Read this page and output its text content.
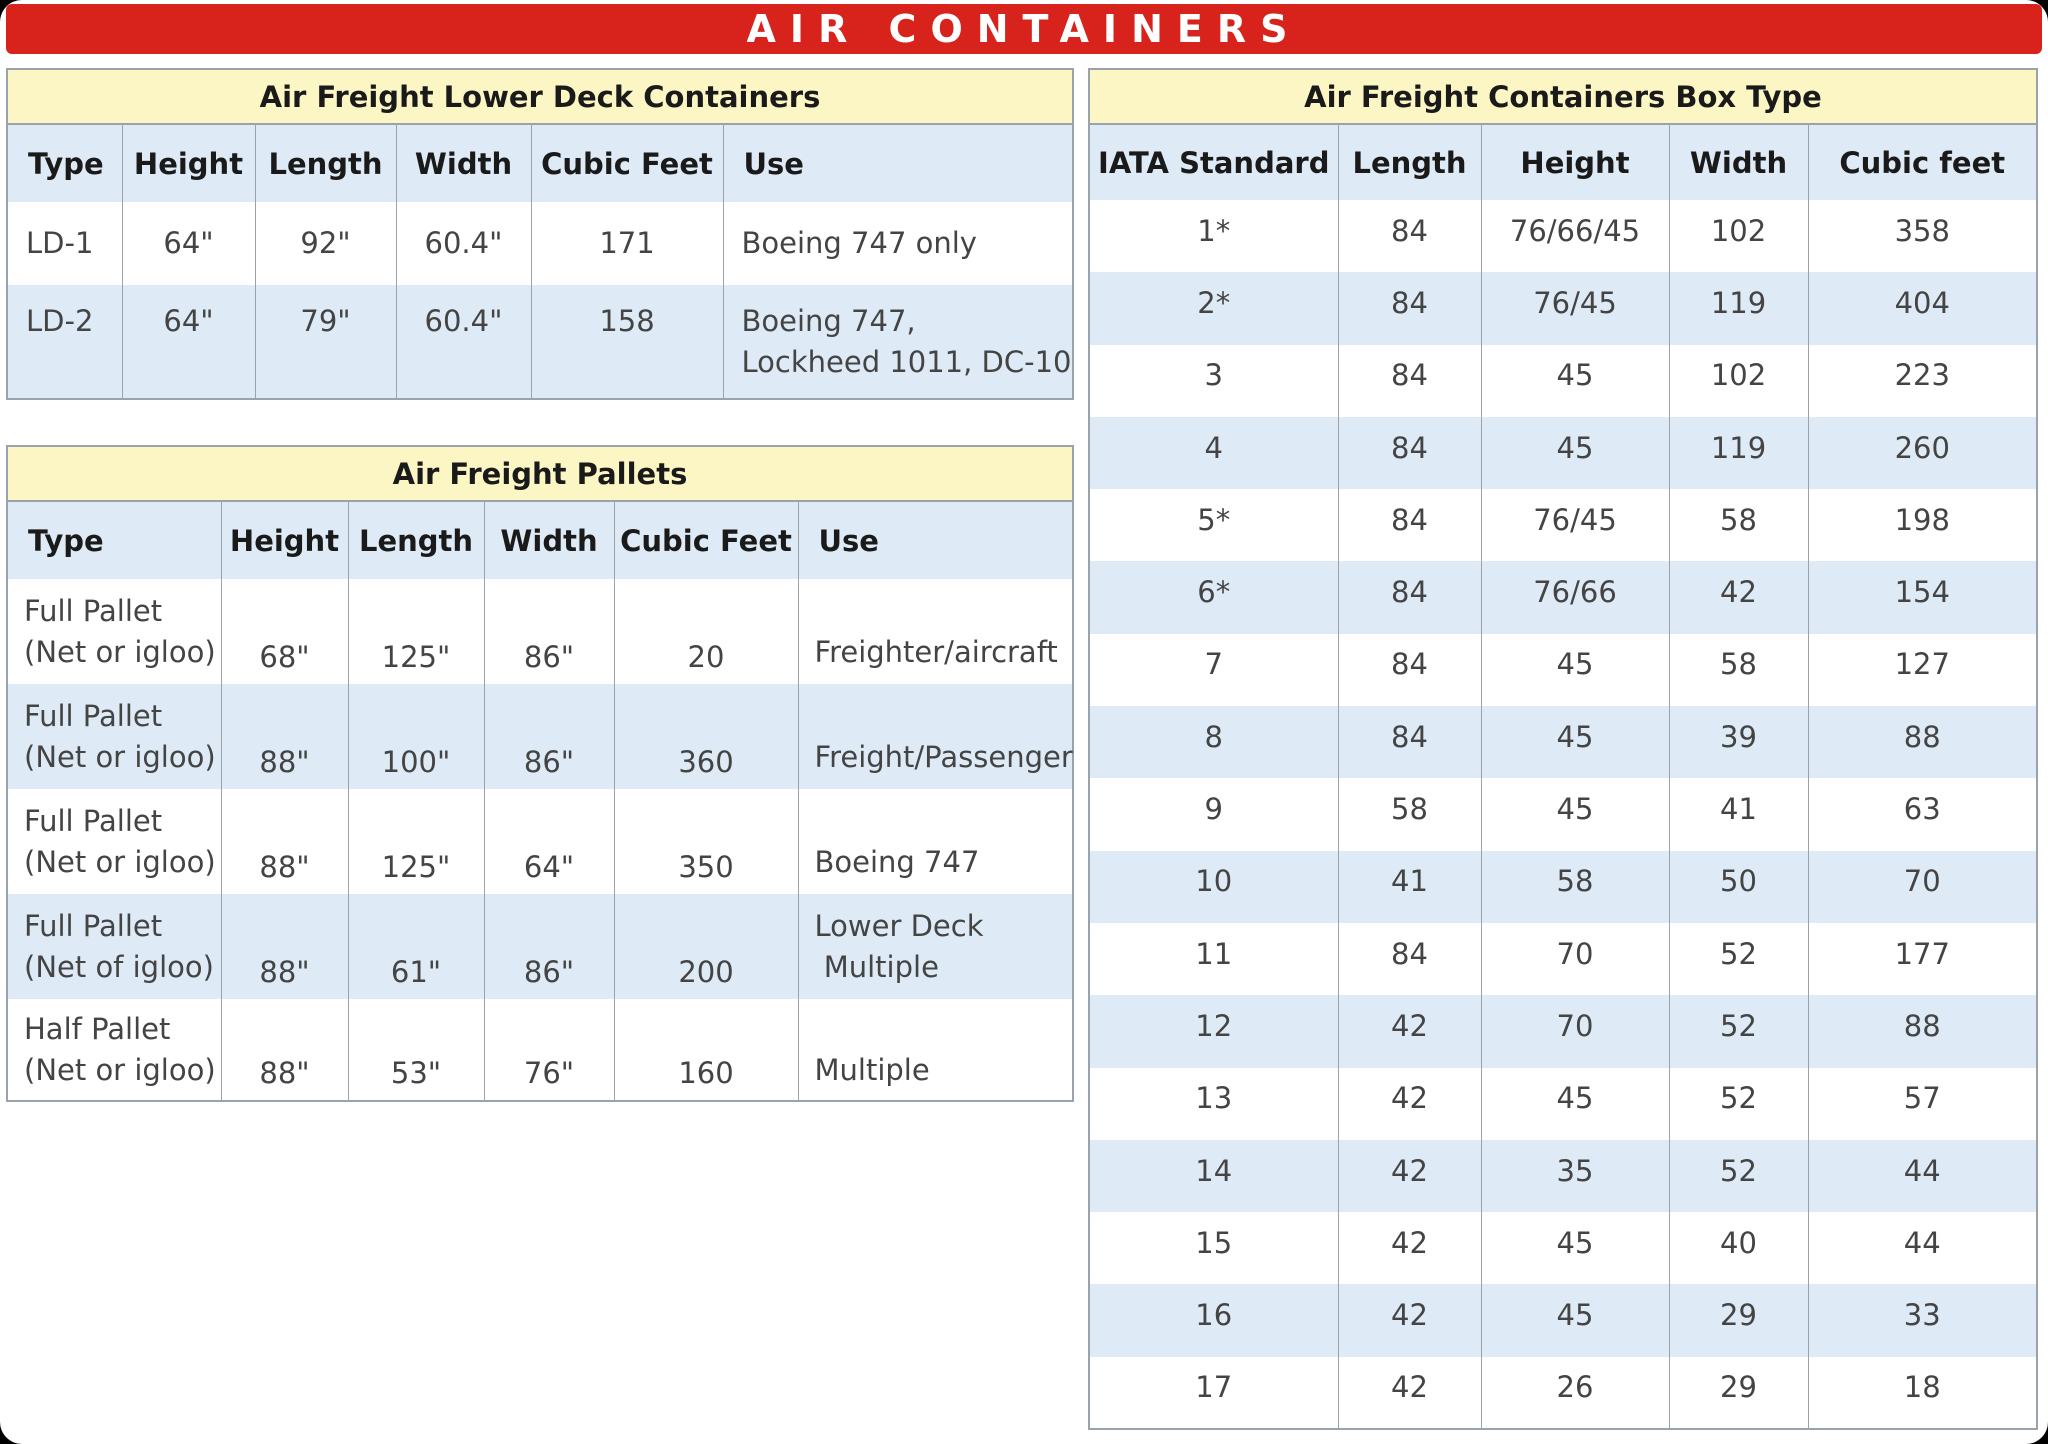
AIR CONTAINERS
Air Freight Lower Deck Containers					
Type	Height	Length	Width	Cubic Feet	Use
LD-1	64"	92"	60.4"	171	Boeing 747 only
LD-2	64"	79"	60.4"	158	Boeing 747,
Lockheed 1011, DC-10
Air Freight Pallets					
Type	Height	Length	Width	Cubic Feet	Use

Full Pallet
(Net or igloo)	68"	125"	86"	20	Freighter/aircraft

Full Pallet
(Net or igloo)	88"	100"	86"	360	Freight/Passenger

Full Pallet
(Net or igloo)	88"	125"	64"	350	Boeing 747

Full Pallet
(Net of igloo)	88"	61"	86"	200	Lower Deck
Multiple

Half Pallet
(Net or igloo)	88"	53"	76"	160	Multiple
Air Freight Containers Box Type				
IATA Standard	Length	Height	Width	Cubic feet
1*	84	76/66/45	102	358
2*	84	76/45	119	404
3	84	45	102	223
4	84	45	119	260
5*	84	76/45	58	198
6*	84	76/66	42	154
7	84	45	58	127
8	84	45	39	88
9	58	45	41	63
10	41	58	50	70
11	84	70	52	177
12	42	70	52	88
13	42	45	52	57
14	42	35	52	44
15	42	45	40	44
16	42	45	29	33
17	42	26	29	18
